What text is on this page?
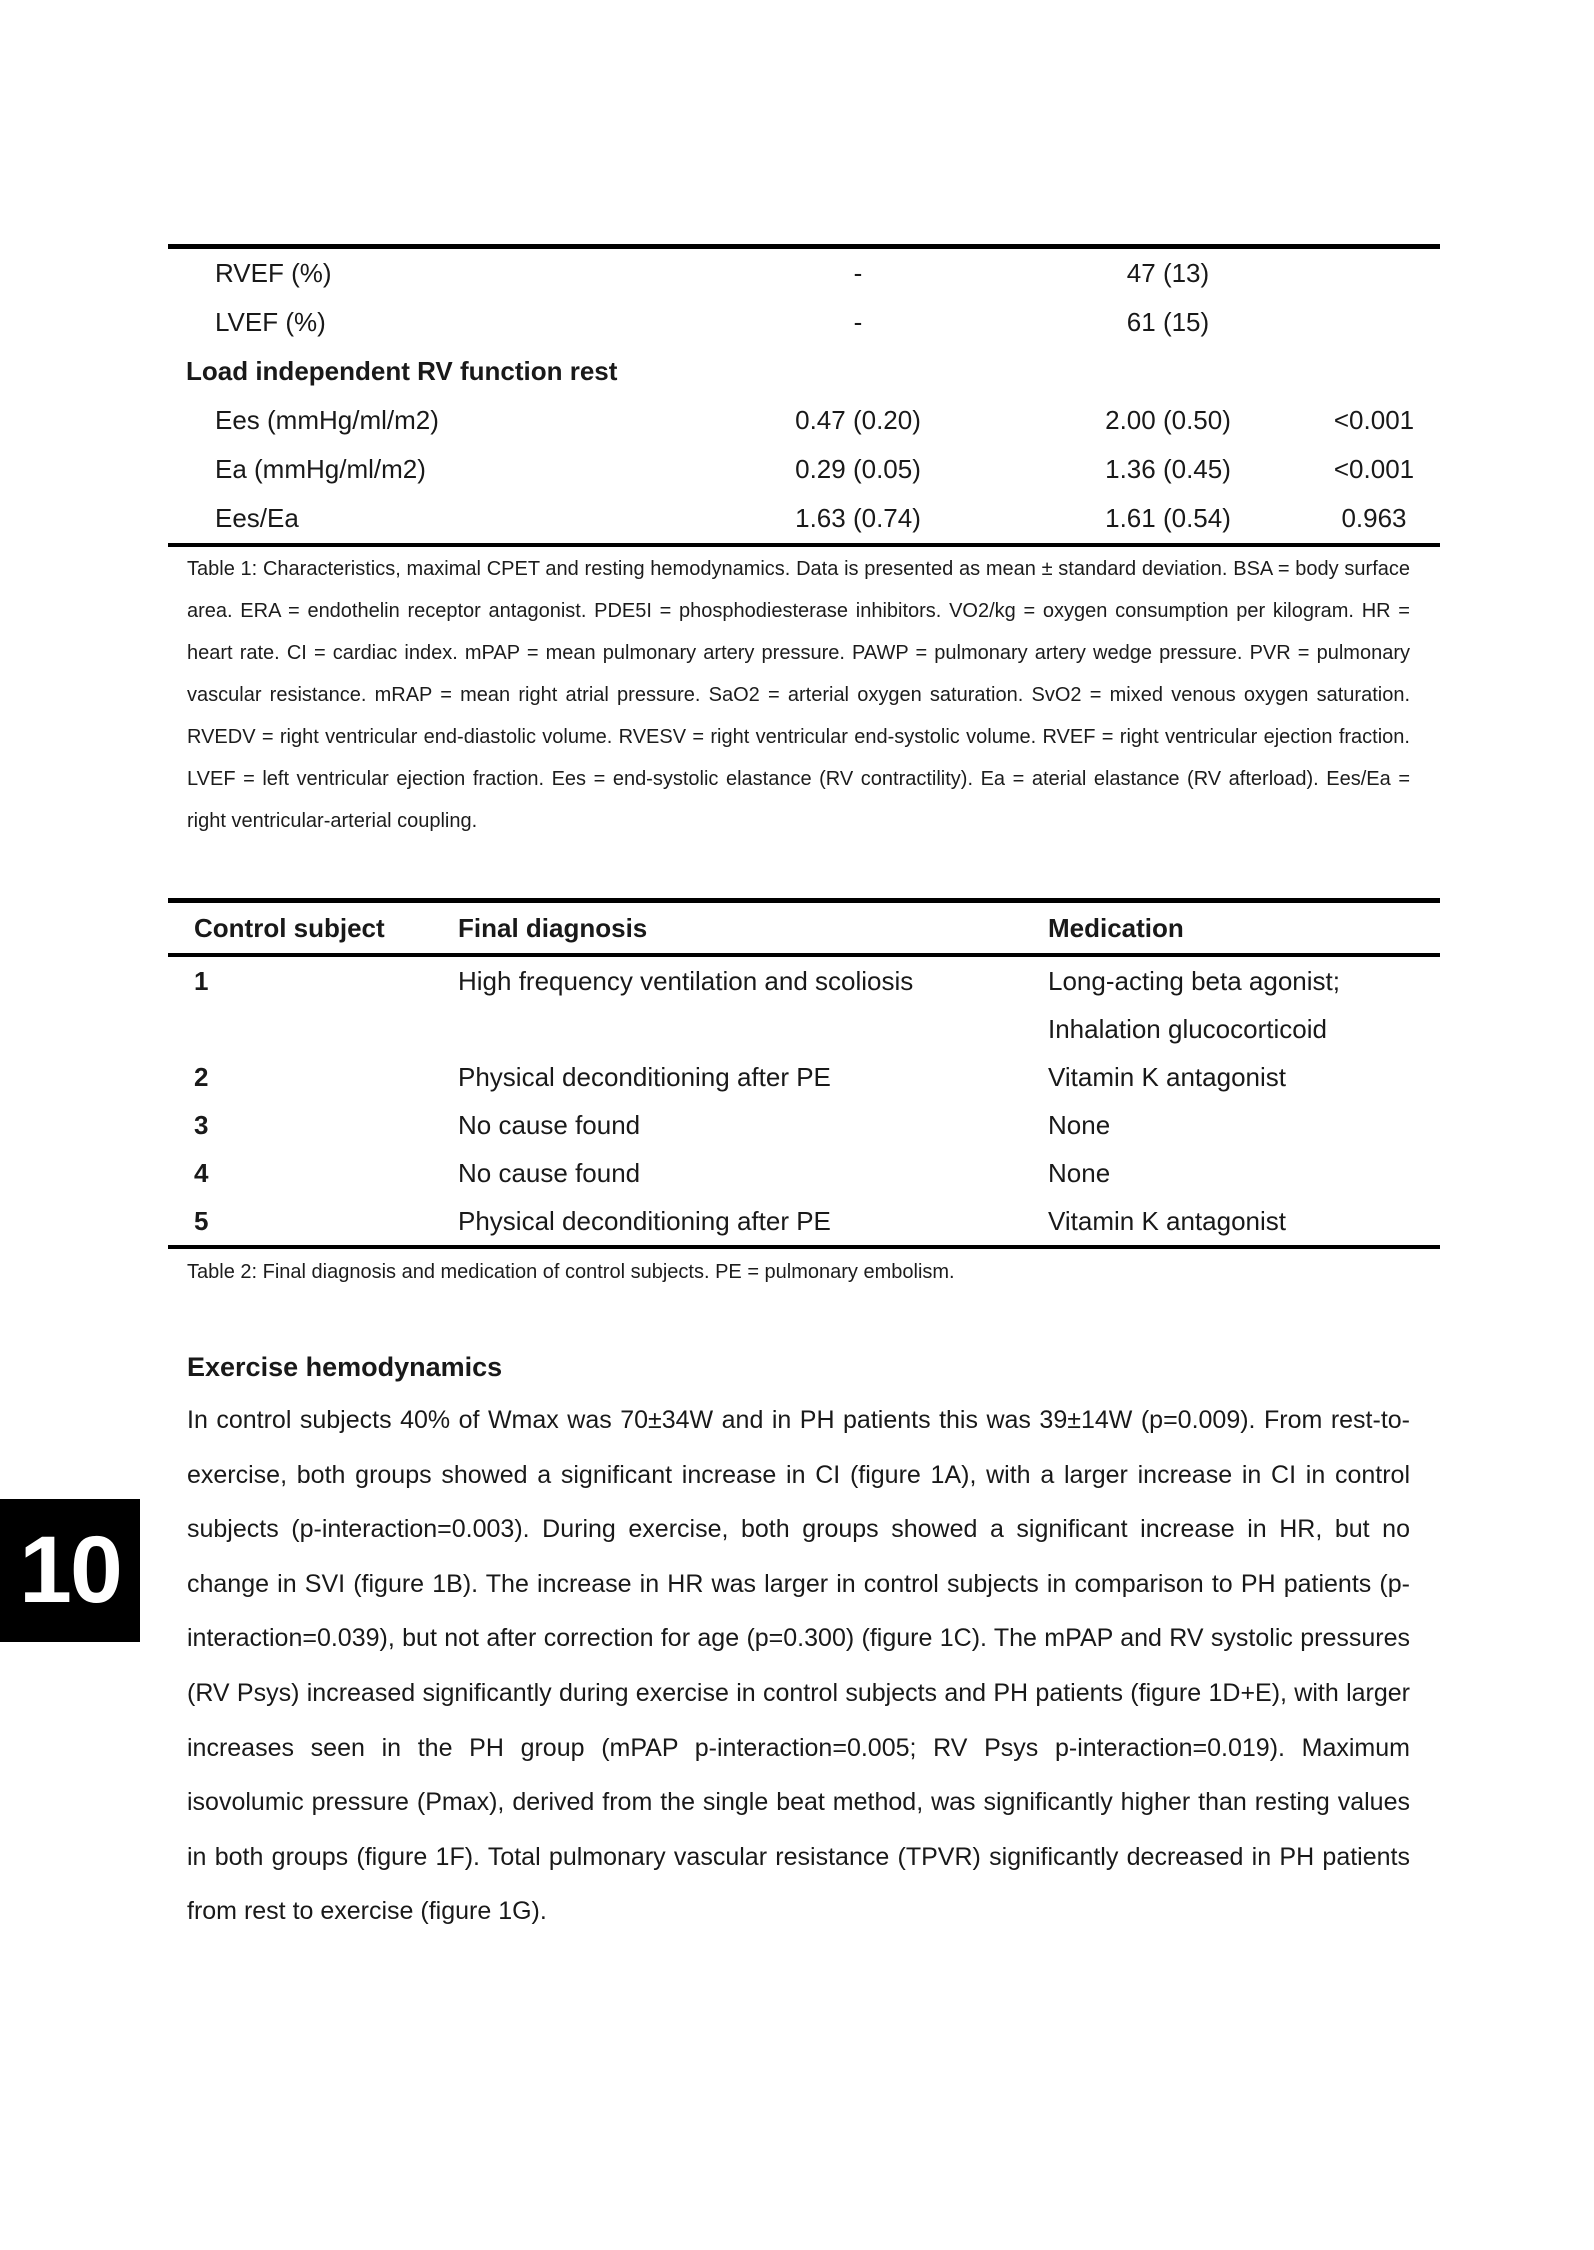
RVEF (%)	-	47 (13)
LVEF (%)	-	61 (15)
Load independent RV function rest
Ees (mmHg/ml/m2)	0.47 (0.20)	2.00 (0.50)	<0.001
Ea (mmHg/ml/m2)	0.29 (0.05)	1.36 (0.45)	<0.001
Ees/Ea	1.63 (0.74)	1.61 (0.54)	0.963
Table 1: Characteristics, maximal CPET and resting hemodynamics. Data is presented as mean ± standard deviation. BSA = body surface area. ERA = endothelin receptor antagonist. PDE5I = phosphodiesterase inhibitors. VO2/kg = oxygen consumption per kilogram. HR = heart rate. CI = cardiac index. mPAP = mean pulmonary artery pressure. PAWP = pulmonary artery wedge pressure. PVR = pulmonary vascular resistance. mRAP = mean right atrial pressure. SaO2 = arterial oxygen saturation. SvO2 = mixed venous oxygen saturation. RVEDV = right ventricular end-diastolic volume. RVESV = right ventricular end-systolic volume. RVEF = right ventricular ejection fraction. LVEF = left ventricular ejection fraction. Ees = end-systolic elastance (RV contractility). Ea = aterial elastance (RV afterload). Ees/Ea = right ventricular-arterial coupling.
Control subject	Final diagnosis	Medication
1	High frequency ventilation and scoliosis	Long-acting beta agonist;
Inhalation glucocorticoid
2	Physical deconditioning after PE	Vitamin K antagonist
3	No cause found	None
4	No cause found	None
5	Physical deconditioning after PE	Vitamin K antagonist
Table 2: Final diagnosis and medication of control subjects. PE = pulmonary embolism.
Exercise hemodynamics
In control subjects 40% of Wmax was 70±34W and in PH patients this was 39±14W (p=0.009). From rest-to-exercise, both groups showed a significant increase in CI (figure 1A), with a larger increase in CI in control subjects (p-interaction=0.003). During exercise, both groups showed a significant increase in HR, but no change in SVI (figure 1B). The increase in HR was larger in control subjects in comparison to PH patients (p-interaction=0.039), but not after correction for age (p=0.300) (figure 1C). The mPAP and RV systolic pressures (RV Psys) increased significantly during exercise in control subjects and PH patients (figure 1D+E), with larger increases seen in the PH group (mPAP p-interaction=0.005; RV Psys p-interaction=0.019). Maximum isovolumic pressure (Pmax), derived from the single beat method, was significantly higher than resting values in both groups (figure 1F). Total pulmonary vascular resistance (TPVR) significantly decreased in PH patients from rest to exercise (figure 1G).
10
